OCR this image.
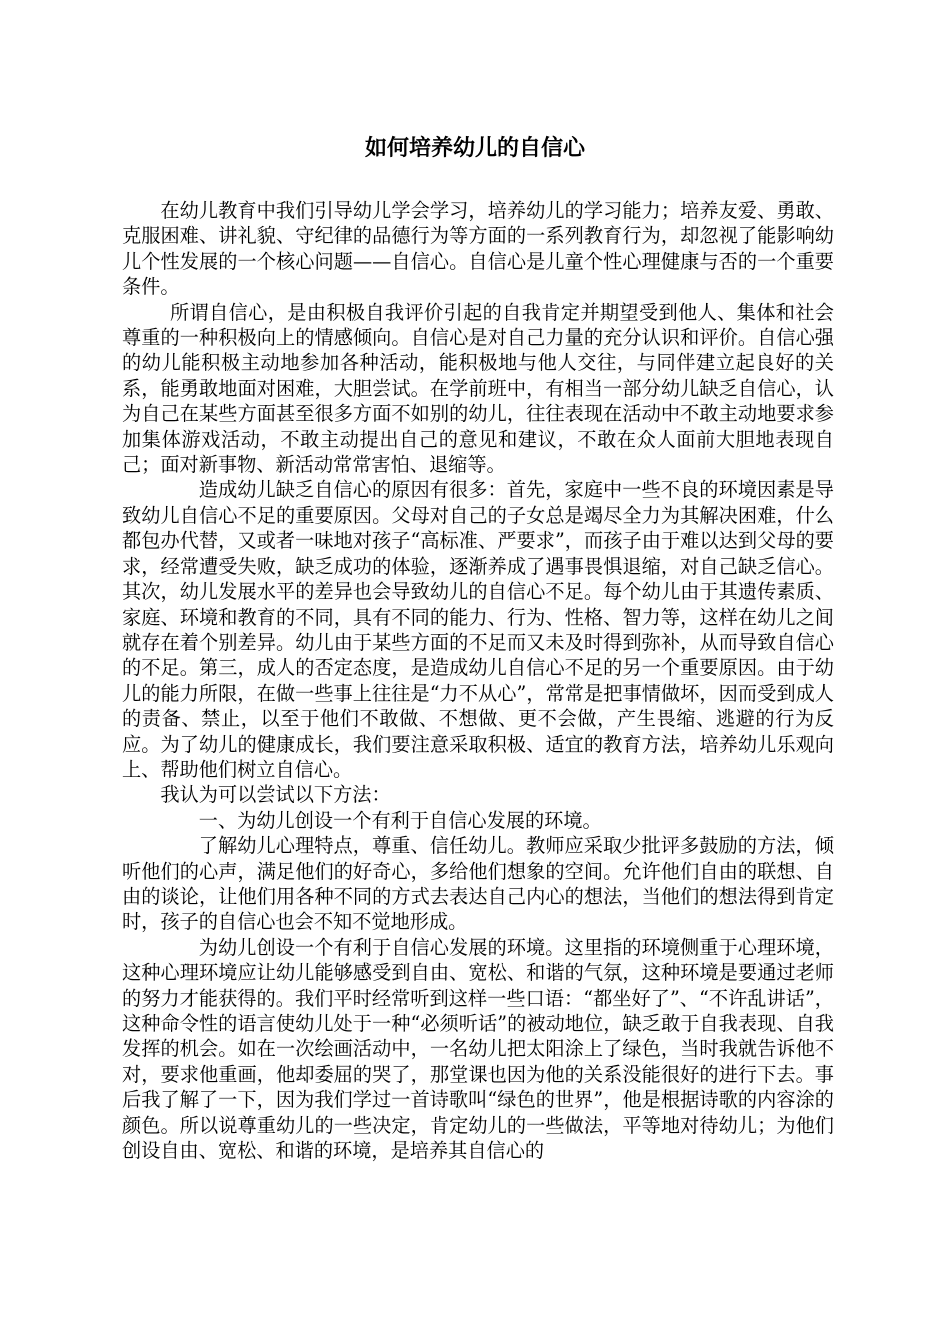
如何培养幼儿的自信心

在幼儿教育中我们引导幼儿学会学习，培养幼儿的学习能力；培养友爱、勇敢、克服困难、讲礼貌、守纪律的品德行为等方面的一系列教育行为，却忽视了能影响幼儿个性发展的一个核心问题——自信心。自信心是儿童个性心理健康与否的一个重要条件。

所谓自信心，是由积极自我评价引起的自我肯定并期望受到他人、集体和社会尊重的一种积极向上的情感倾向。自信心是对自己力量的充分认识和评价。自信心强的幼儿能积极主动地参加各种活动，能积极地与他人交往，与同伴建立起良好的关系，能勇敢地面对困难，大胆尝试。在学前班中，有相当一部分幼儿缺乏自信心，认为自己在某些方面甚至很多方面不如别的幼儿，往往表现在活动中不敢主动地要求参加集体游戏活动，不敢主动提出自己的意见和建议，不敢在众人面前大胆地表现自己；面对新事物、新活动常常害怕、退缩等。

造成幼儿缺乏自信心的原因有很多：首先，家庭中一些不良的环境因素是导致幼儿自信心不足的重要原因。父母对自己的子女总是竭尽全力为其解决困难，什么都包办代替，又或者一味地对孩子“高标准、严要求”，而孩子由于难以达到父母的要求，经常遭受失败，缺乏成功的体验，逐渐养成了遇事畏惧退缩，对自己缺乏信心。其次，幼儿发展水平的差异也会导致幼儿的自信心不足。每个幼儿由于其遗传素质、家庭、环境和教育的不同，具有不同的能力、行为、性格、智力等，这样在幼儿之间就存在着个别差异。幼儿由于某些方面的不足而又未及时得到弥补，从而导致自信心的不足。第三，成人的否定态度，是造成幼儿自信心不足的另一个重要原因。由于幼儿的能力所限，在做一些事上往往是“力不从心”，常常是把事情做坏，因而受到成人的责备、禁止，以至于他们不敢做、不想做、更不会做，产生畏缩、逃避的行为反应。为了幼儿的健康成长，我们要注意采取积极、适宜的教育方法，培养幼儿乐观向上、帮助他们树立自信心。

我认为可以尝试以下方法：

一、为幼儿创设一个有利于自信心发展的环境。

了解幼儿心理特点，尊重、信任幼儿。教师应采取少批评多鼓励的方法，倾听他们的心声，满足他们的好奇心，多给他们想象的空间。允许他们自由的联想、自由的谈论，让他们用各种不同的方式去表达自己内心的想法，当他们的想法得到肯定时，孩子的自信心也会不知不觉地形成。

为幼儿创设一个有利于自信心发展的环境。这里指的环境侧重于心理环境，这种心理环境应让幼儿能够感受到自由、宽松、和谐的气氛，这种环境是要通过老师的努力才能获得的。我们平时经常听到这样一些口语：“都坐好了”、“不许乱讲话”，这种命令性的语言使幼儿处于一种“必须听话”的被动地位，缺乏敢于自我表现、自我发挥的机会。如在一次绘画活动中，一名幼儿把太阳涂上了绿色，当时我就告诉他不对，要求他重画，他却委屈的哭了，那堂课也因为他的关系没能很好的进行下去。事后我了解了一下，因为我们学过一首诗歌叫“绿色的世界”，他是根据诗歌的内容涂的颜色。所以说尊重幼儿的一些决定，肯定幼儿的一些做法，平等地对待幼儿；为他们创设自由、宽松、和谐的环境，是培养其自信心的
